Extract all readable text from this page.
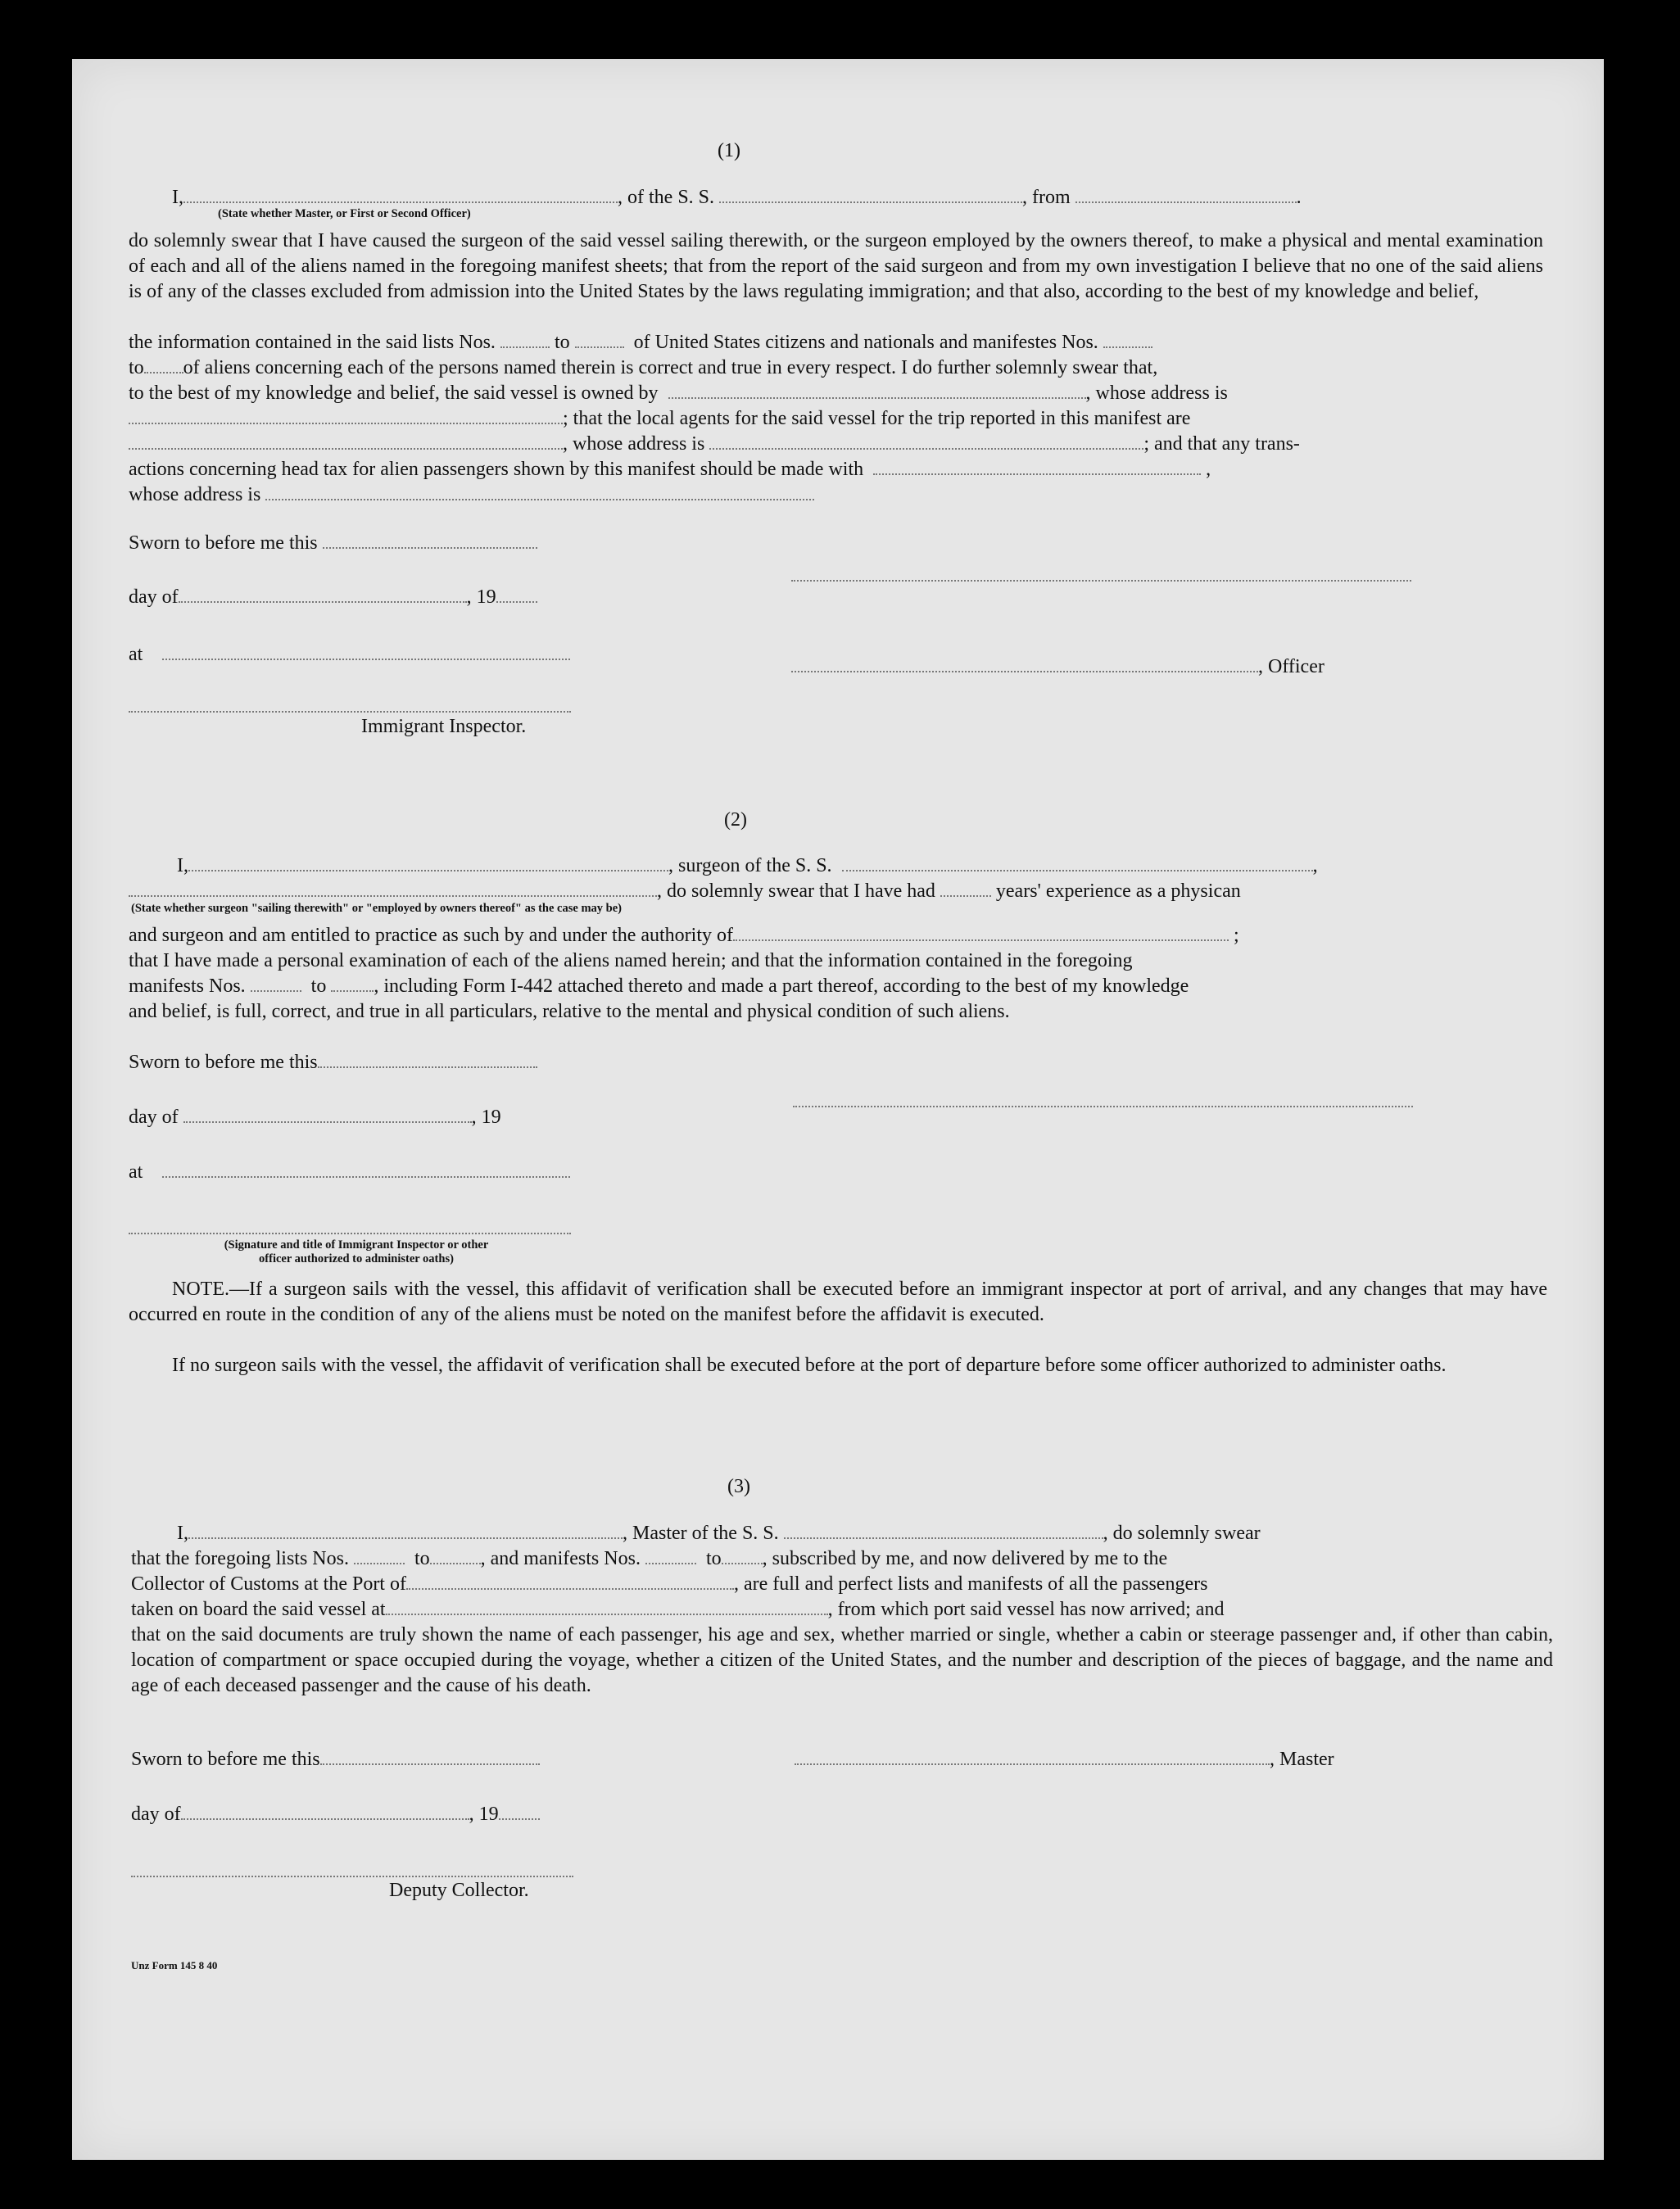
(1)
I,	, of the S. S.	, from	.
(State whether Master, or First or Second Officer)
do solemnly swear that I have caused the surgeon of the said vessel sailing therewith, or the surgeon employed by the owners thereof, to make a physical and mental examination of each and all of the aliens named in the foregoing manifest sheets; that from the report of the said surgeon and from my own investigation I believe that no one of the said aliens is of any of the classes excluded from admission into the United States by the laws regulating immigration; and that also, according to the best of my knowledge and belief,
the information contained in the said lists Nos.	to	of United States citizens and nationals and manifestes Nos.
to of aliens concerning each of the persons named therein is correct and true in every respect. I do further solemnly swear that,
to the best of my knowledge and belief, the said vessel is owned by	, whose address is
; that the local agents for the said vessel for the trip reported in this manifest are
, whose address is	; and that any trans-
actions concerning head tax for alien passengers shown by this manifest should be made with	,
whose address is
Sworn to before me this
day of	, 19
at
, Officer
Immigrant Inspector.
(2)
I,	, surgeon of the S. S.	,
, do solemnly swear that I have had	years' experience as a physican
(State whether surgeon "sailing therewith" or "employed by owners thereof" as the case may be)
and surgeon and am entitled to practice as such by and under the authority of	;
that I have made a personal examination of each of the aliens named herein; and that the information contained in the foregoing
manifests Nos.	to , including Form I-442 attached thereto and made a part thereof, according to the best of my knowledge
and belief, is full, correct, and true in all particulars, relative to the mental and physical condition of such aliens.
Sworn to before me this
day of	, 19
at
(Signature and title of Immigrant Inspector or other
officer authorized to administer oaths)
NOTE.—If a surgeon sails with the vessel, this affidavit of verification shall be executed before an immigrant inspector at port of arrival, and any changes that may have occurred en route in the condition of any of the aliens must be noted on the manifest before the affidavit is executed.
If no surgeon sails with the vessel, the affidavit of verification shall be executed before at the port of departure before some officer authorized to administer oaths.
(3)
I,	, Master of the S. S.	, do solemnly swear
that the foregoing lists Nos.	to	, and manifests Nos.	to , subscribed by me, and now delivered by me to the
Collector of Customs at the Port of	, are full and perfect lists and manifests of all the passengers
taken on board the said vessel at	, from which port said vessel has now arrived; and
that on the said documents are truly shown the name of each passenger, his age and sex, whether married or single, whether a cabin or steerage passenger and, if other than cabin, location of compartment or space occupied during the voyage, whether a citizen of the United States, and the number and description of the pieces of baggage, and the name and age of each deceased passenger and the cause of his death.
Sworn to before me this	, Master
day of	, 19
Deputy Collector.
Unz Form 145 8 40
